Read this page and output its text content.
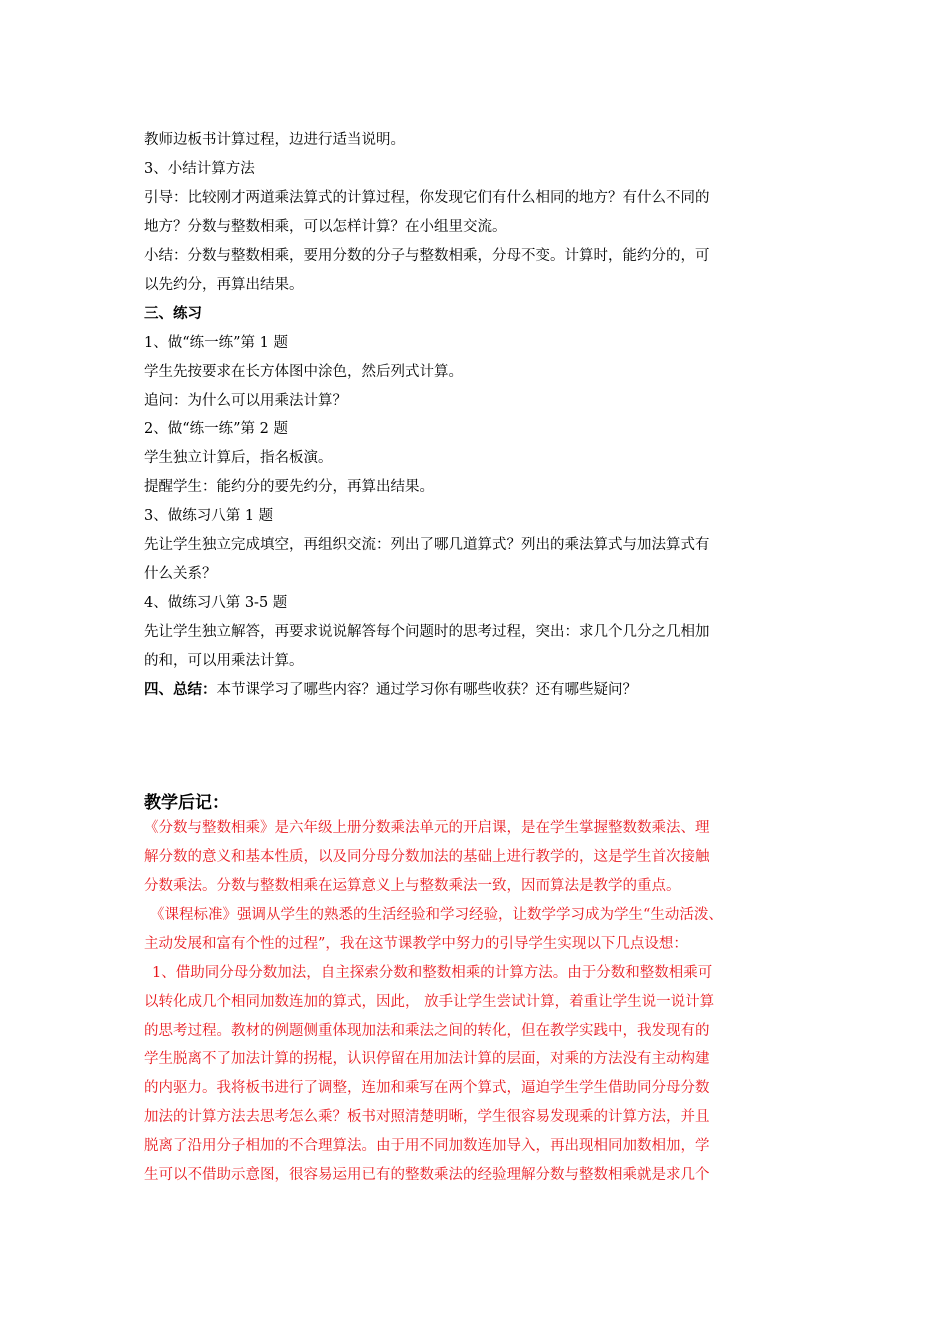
教师边板书计算过程，边进行适当说明。
3、小结计算方法
引导：比较刚才两道乘法算式的计算过程，你发现它们有什么相同的地方？有什么不同的
地方？分数与整数相乘，可以怎样计算？在小组里交流。
小结：分数与整数相乘，要用分数的分子与整数相乘，分母不变。计算时，能约分的，可
以先约分，再算出结果。
三、练习
1、做“练一练”第 1 题
学生先按要求在长方体图中涂色，然后列式计算。
追问：为什么可以用乘法计算？
2、做“练一练”第 2 题
学生独立计算后，指名板演。
提醒学生：能约分的要先约分，再算出结果。
3、做练习八第 1 题
先让学生独立完成填空，再组织交流：列出了哪几道算式？列出的乘法算式与加法算式有
什么关系？
4、做练习八第 3-5 题
先让学生独立解答，再要求说说解答每个问题时的思考过程，突出：求几个几分之几相加
的和，可以用乘法计算。
四、总结：本节课学习了哪些内容？通过学习你有哪些收获？还有哪些疑问？
教学后记：
《分数与整数相乘》是六年级上册分数乘法单元的开启课，是在学生掌握整数数乘法、理
解分数的意义和基本性质，以及同分母分数加法的基础上进行教学的，这是学生首次接触
分数乘法。分数与整数相乘在运算意义上与整数乘法一致，因而算法是教学的重点。
《课程标准》强调从学生的熟悉的生活经验和学习经验，让数学学习成为学生“生动活泼、
主动发展和富有个性的过程”，我在这节课教学中努力的引导学生实现以下几点设想：
1、借助同分母分数加法，自主探索分数和整数相乘的计算方法。由于分数和整数相乘可
以转化成几个相同加数连加的算式，因此， 放手让学生尝试计算，着重让学生说一说计算
的思考过程。教材的例题侧重体现加法和乘法之间的转化，但在教学实践中，我发现有的
学生脱离不了加法计算的拐棍，认识停留在用加法计算的层面，对乘的方法没有主动构建
的内驱力。我将板书进行了调整，连加和乘写在两个算式，逼迫学生学生借助同分母分数
加法的计算方法去思考怎么乘？板书对照清楚明晰，学生很容易发现乘的计算方法，并且
脱离了沿用分子相加的不合理算法。由于用不同加数连加导入，再出现相同加数相加，学
生可以不借助示意图，很容易运用已有的整数乘法的经验理解分数与整数相乘就是求几个
